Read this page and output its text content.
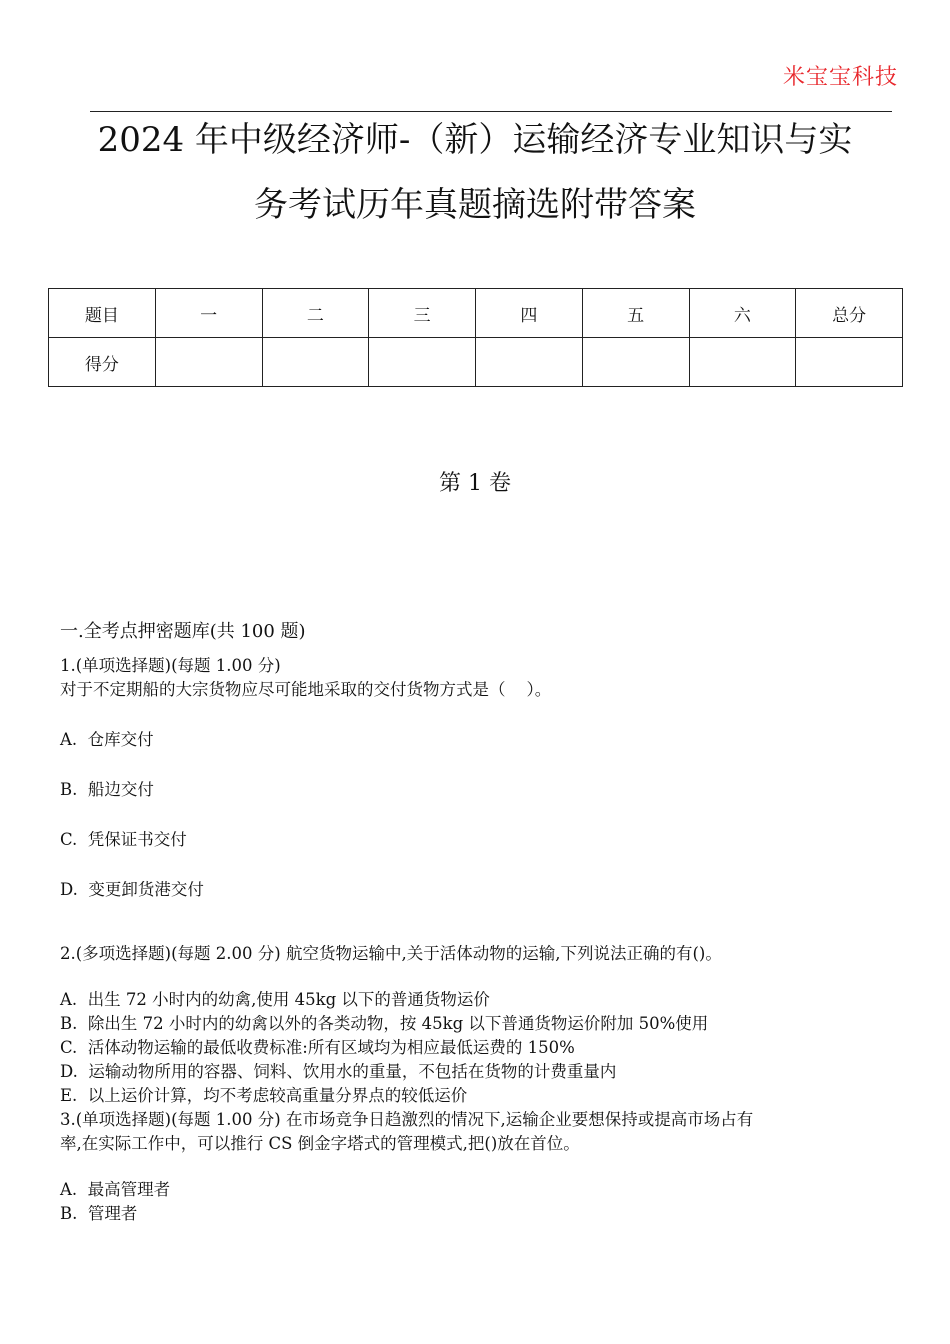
米宝宝科技
2024 年中级经济师-（新）运输经济专业知识与实
务考试历年真题摘选附带答案
题目	一	二	三	四	五	六	总分
得分							
第 1 卷
一.全考点押密题库(共 100 题)
1.(单项选择题)(每题 1.00 分)
对于不定期船的大宗货物应尽可能地采取的交付货物方式是（    ）。
A.  仓库交付
B.  船边交付
C.  凭保证书交付
D.  变更卸货港交付
2.(多项选择题)(每题 2.00 分) 航空货物运输中,关于活体动物的运输,下列说法正确的有()。
A.  出生 72 小时内的幼禽,使用 45kg 以下的普通货物运价
B.  除出生 72 小时内的幼禽以外的各类动物，按 45kg 以下普通货物运价附加 50%使用
C.  活体动物运输的最低收费标准:所有区域均为相应最低运费的 150%
D.  运输动物所用的容器、饲料、饮用水的重量，不包括在货物的计费重量内
E.  以上运价计算，均不考虑较高重量分界点的较低运价
3.(单项选择题)(每题 1.00 分) 在市场竞争日趋激烈的情况下,运输企业要想保持或提高市场占有
率,在实际工作中，可以推行 CS 倒金字塔式的管理模式,把()放在首位。
A.  最高管理者
B.  管理者
